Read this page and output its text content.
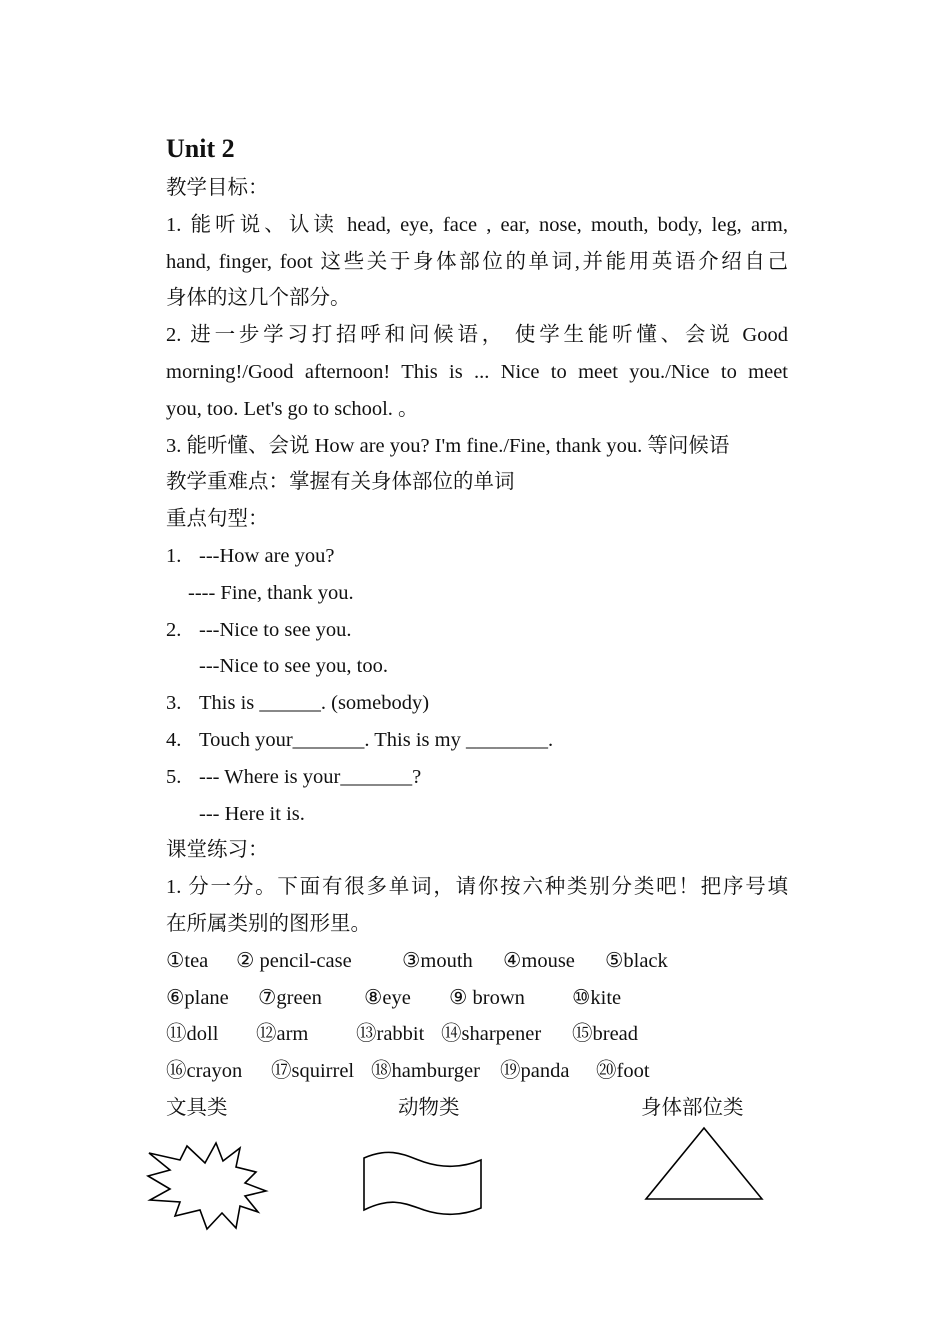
Unit 2
教学目标：
1. 能听说、认读 head, eye, face , ear, nose, mouth, body, leg, arm,
hand, finger, foot 这些关于身体部位的单词,并能用英语介绍自己
身体的这几个部分。
2. 进一步学习打招呼和问候语， 使学生能听懂、会说 Good
morning!/Good afternoon! This is ... Nice to meet you./Nice to meet
you, too. Let's go to school. 。
3. 能听懂、会说 How are you? I'm fine./Fine, thank you. 等问候语
教学重难点：掌握有关身体部位的单词
重点句型：
1. ---How are you?
---- Fine, thank you.
2. ---Nice to see you.
---Nice to see you, too.
3. This is ______. (somebody)
4. Touch your_______. This is my ________.
5. --- Where is your_______?
--- Here it is.
课堂练习：
1. 分一分。下面有很多单词，请你按六种类别分类吧！把序号填
在所属类别的图形里。
①tea ② pencil-case ③mouth ④mouse ⑤black
⑥plane ⑦green ⑧eye ⑨ brown ⑩kite
⑪doll ⑫arm ⑬rabbit ⑭sharpener ⑮bread
⑯crayon ⑰squirrel ⑱hamburger ⑲panda ⑳foot
文具类	动物类	身体部位类
